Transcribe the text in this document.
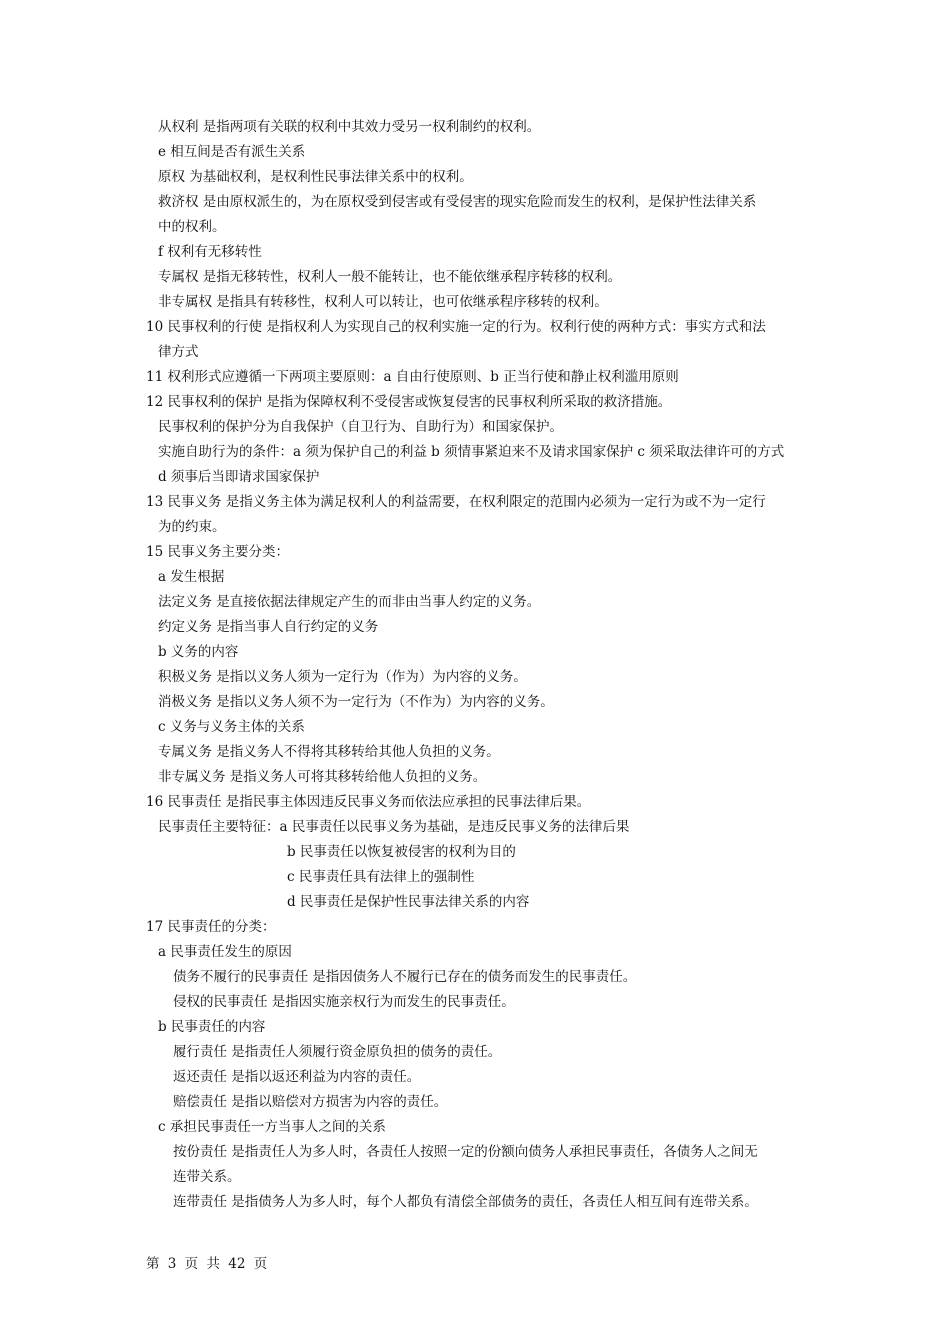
从权利 是指两项有关联的权利中其效力受另一权利制约的权利。
e 相互间是否有派生关系
原权 为基础权利，是权利性民事法律关系中的权利。
救济权 是由原权派生的，为在原权受到侵害或有受侵害的现实危险而发生的权利，是保护性法律关系
中的权利。
f 权利有无移转性
专属权 是指无移转性，权利人一般不能转让，也不能依继承程序转移的权利。
非专属权 是指具有转移性，权利人可以转让，也可依继承程序移转的权利。
10 民事权利的行使 是指权利人为实现自己的权利实施一定的行为。权利行使的两种方式：事实方式和法
律方式
11 权利形式应遵循一下两项主要原则：a 自由行使原则、b 正当行使和静止权利滥用原则
12 民事权利的保护 是指为保障权利不受侵害或恢复侵害的民事权利所采取的救济措施。
民事权利的保护分为自我保护（自卫行为、自助行为）和国家保护。
实施自助行为的条件：a 须为保护自己的利益 b 须情事紧迫来不及请求国家保护 c 须采取法律许可的方式
d 须事后当即请求国家保护
13 民事义务 是指义务主体为满足权利人的利益需要，在权利限定的范围内必须为一定行为或不为一定行
为的约束。
15 民事义务主要分类：
a 发生根据
法定义务 是直接依据法律规定产生的而非由当事人约定的义务。
约定义务 是指当事人自行约定的义务
b 义务的内容
积极义务 是指以义务人须为一定行为（作为）为内容的义务。
消极义务 是指以义务人须不为一定行为（不作为）为内容的义务。
c 义务与义务主体的关系
专属义务 是指义务人不得将其移转给其他人负担的义务。
非专属义务 是指义务人可将其移转给他人负担的义务。
16 民事责任 是指民事主体因违反民事义务而依法应承担的民事法律后果。
民事责任主要特征：a 民事责任以民事义务为基础，是违反民事义务的法律后果
b 民事责任以恢复被侵害的权利为目的
c 民事责任具有法律上的强制性
d 民事责任是保护性民事法律关系的内容
17 民事责任的分类：
a 民事责任发生的原因
债务不履行的民事责任 是指因债务人不履行已存在的债务而发生的民事责任。
侵权的民事责任 是指因实施亲权行为而发生的民事责任。
b 民事责任的内容
履行责任 是指责任人须履行资金原负担的债务的责任。
返还责任 是指以返还利益为内容的责任。
赔偿责任 是指以赔偿对方损害为内容的责任。
c 承担民事责任一方当事人之间的关系
按份责任 是指责任人为多人时，各责任人按照一定的份额向债务人承担民事责任，各债务人之间无
连带关系。
连带责任 是指债务人为多人时，每个人都负有清偿全部债务的责任，各责任人相互间有连带关系。
第 3 页 共 42 页
